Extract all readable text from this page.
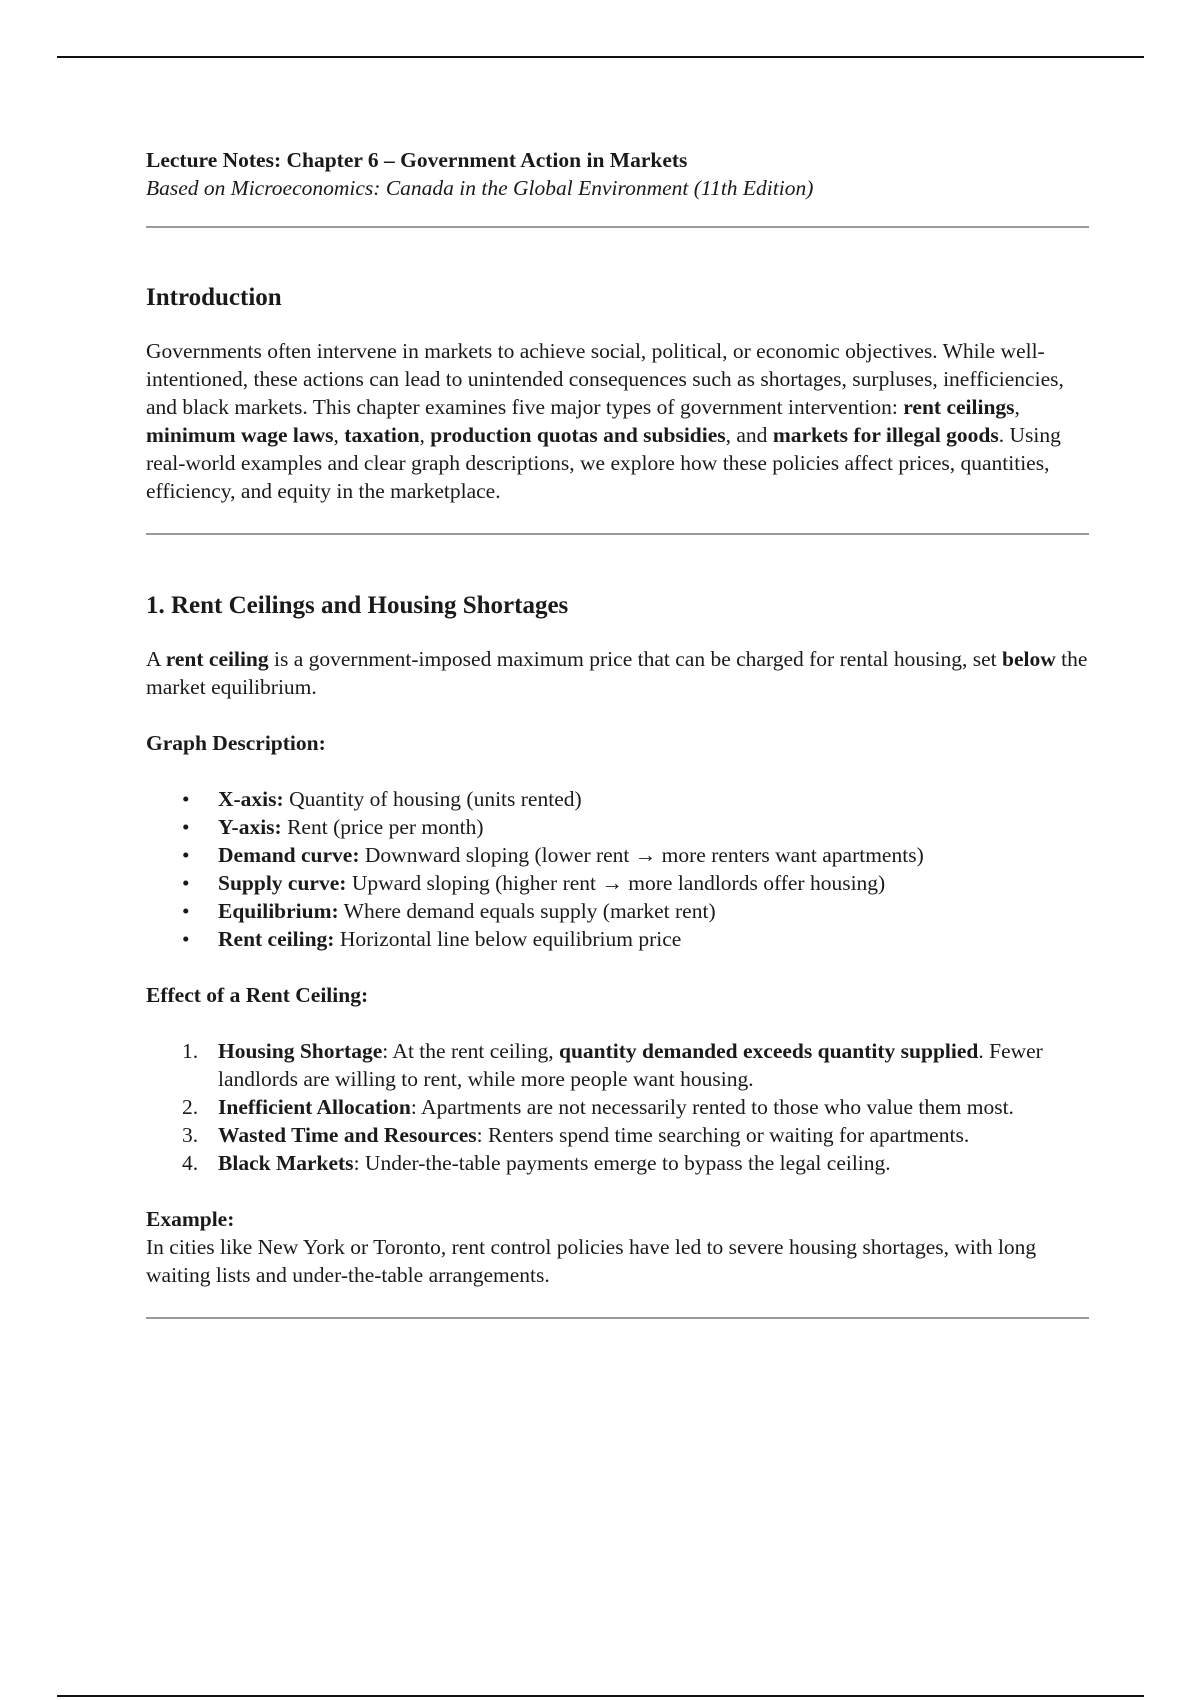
Lecture Notes: Chapter 6 – Government Action in Markets

Based on Microeconomics: Canada in the Global Environment (11th Edition)

Introduction

Governments often intervene in markets to achieve social, political, or economic objectives. While well-intentioned, these actions can lead to unintended consequences such as shortages, surpluses, inefficiencies, and black markets. This chapter examines five major types of government intervention: rent ceilings, minimum wage laws, taxation, production quotas and subsidies, and markets for illegal goods. Using real-world examples and clear graph descriptions, we explore how these policies affect prices, quantities, efficiency, and equity in the marketplace.

1. Rent Ceilings and Housing Shortages

A rent ceiling is a government-imposed maximum price that can be charged for rental housing, set below the market equilibrium.

Graph Description:

• X-axis: Quantity of housing (units rented)
• Y-axis: Rent (price per month)
• Demand curve: Downward sloping (lower rent → more renters want apartments)
• Supply curve: Upward sloping (higher rent → more landlords offer housing)
• Equilibrium: Where demand equals supply (market rent)
• Rent ceiling: Horizontal line below equilibrium price

Effect of a Rent Ceiling:

1. Housing Shortage: At the rent ceiling, quantity demanded exceeds quantity supplied. Fewer landlords are willing to rent, while more people want housing.
2. Inefficient Allocation: Apartments are not necessarily rented to those who value them most.
3. Wasted Time and Resources: Renters spend time searching or waiting for apartments.
4. Black Markets: Under-the-table payments emerge to bypass the legal ceiling.

Example:

In cities like New York or Toronto, rent control policies have led to severe housing shortages, with long waiting lists and under-the-table arrangements.
